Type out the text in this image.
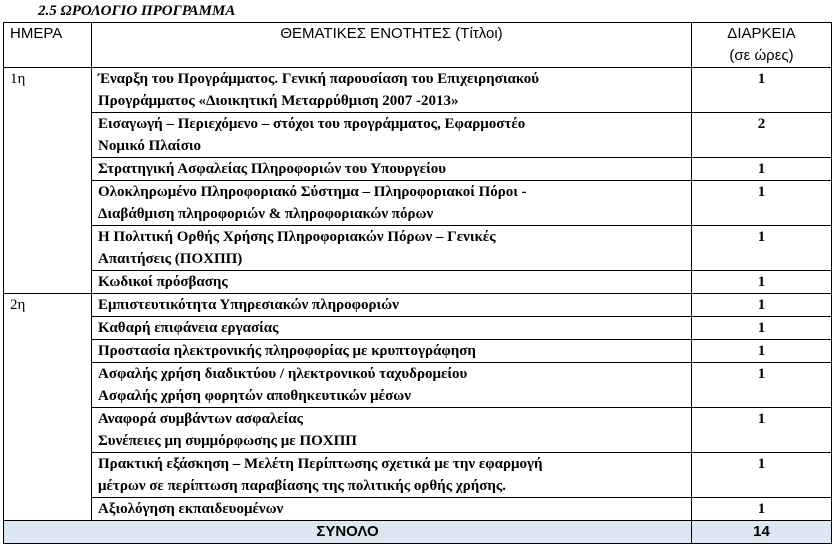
2.5 ΩΡΟΛΟΓΙΟ ΠΡΟΓΡΑΜΜΑ
ΗΜΕΡΑ	ΘΕΜΑΤΙΚΕΣ ΕΝΟΤΗΤΕΣ (Τίτλοι)	ΔΙΑΡΚΕΙΑ
(σε ώρες)

1η	Έναρξη του Προγράμματος. Γενική παρουσίαση του Επιχειρησιακού
Προγράμματος «Διοικητική Μεταρρύθμιση 2007 -2013»	1

	Εισαγωγή – Περιεχόμενο – στόχοι του προγράμματος, Εφαρμοστέο
Νομικό Πλαίσιο	2

	Στρατηγική Ασφαλείας Πληροφοριών του Υπουργείου	1

	Ολοκληρωμένο Πληροφοριακό Σύστημα – Πληροφοριακοί Πόροι -
Διαβάθμιση πληροφοριών & πληροφοριακών πόρων	1

	Η Πολιτική Ορθής Χρήσης Πληροφοριακών Πόρων – Γενικές
Απαιτήσεις (ΠΟΧΠΠ)	1

	Κωδικοί πρόσβασης	1
2η	Εμπιστευτικότητα Υπηρεσιακών πληροφοριών	1

	Καθαρή επιφάνεια εργασίας	1

	Προστασία ηλεκτρονικής πληροφορίας με κρυπτογράφηση	1

	Ασφαλής χρήση διαδικτύου / ηλεκτρονικού ταχυδρομείου
Ασφαλής χρήση φορητών αποθηκευτικών μέσων	1

	Αναφορά συμβάντων ασφαλείας
Συνέπειες μη συμμόρφωσης με ΠΟΧΠΠ	1

	Πρακτική εξάσκηση – Μελέτη Περίπτωσης σχετικά με την εφαρμογή
μέτρων σε περίπτωση παραβίασης της πολιτικής ορθής χρήσης.	1

	Αξιολόγηση εκπαιδευομένων	1
ΣΥΝΟΛΟ		14
